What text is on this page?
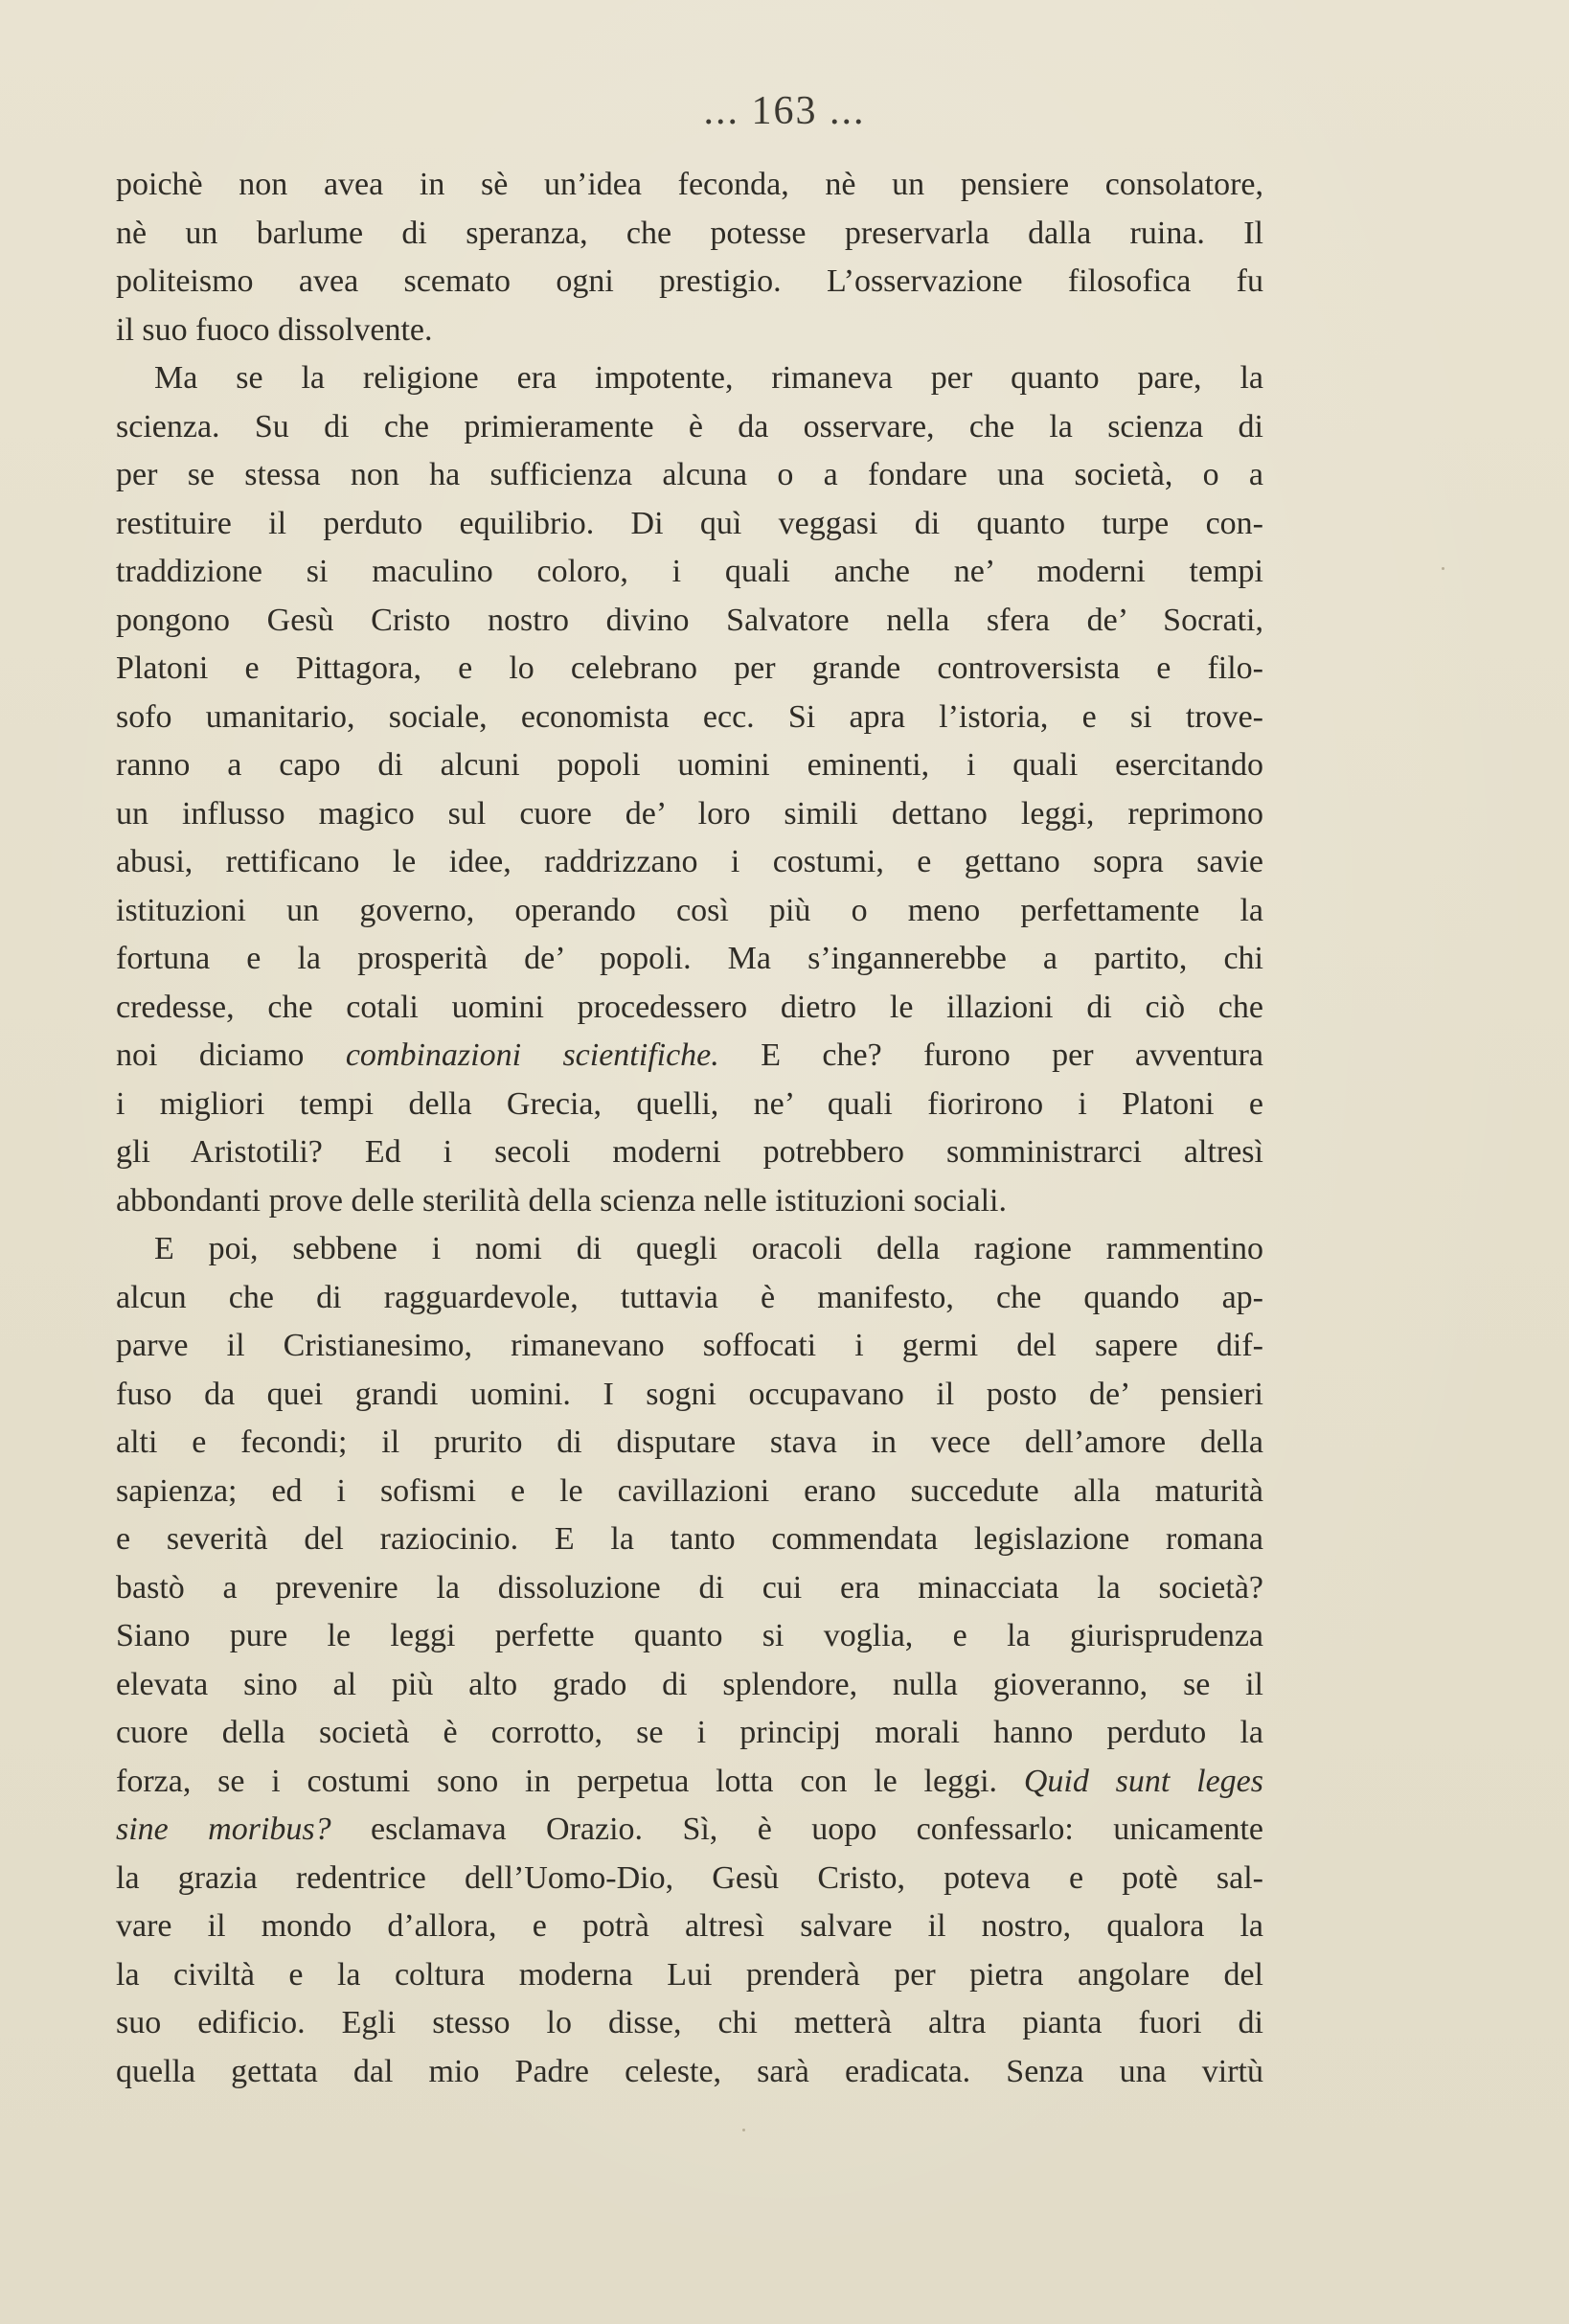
... 163 ...
poichè non avea in sè un’idea feconda, nè un pensiere consolatore,
nè un barlume di speranza, che potesse preservarla dalla ruina. Il
politeismo avea scemato ogni prestigio. L’osservazione filosofica fu
il suo fuoco dissolvente.
Ma se la religione era impotente, rimaneva per quanto pare, la
scienza. Su di che primieramente è da osservare, che la scienza di
per se stessa non ha sufficienza alcuna o a fondare una società, o a
restituire il perduto equilibrio. Di quì veggasi di quanto turpe con-
traddizione si maculino coloro, i quali anche ne’ moderni tempi
pongono Gesù Cristo nostro divino Salvatore nella sfera de’ Socrati,
Platoni e Pittagora, e lo celebrano per grande controversista e filo-
sofo umanitario, sociale, economista ecc. Si apra l’istoria, e si trove-
ranno a capo di alcuni popoli uomini eminenti, i quali esercitando
un influsso magico sul cuore de’ loro simili dettano leggi, reprimono
abusi, rettificano le idee, raddrizzano i costumi, e gettano sopra savie
istituzioni un governo, operando così più o meno perfettamente la
fortuna e la prosperità de’ popoli. Ma s’ingannerebbe a partito, chi
credesse, che cotali uomini procedessero dietro le illazioni di ciò che
noi diciamo combinazioni scientifiche. E che? furono per avventura
i migliori tempi della Grecia, quelli, ne’ quali fiorirono i Platoni e
gli Aristotili? Ed i secoli moderni potrebbero somministrarci altresì
abbondanti prove delle sterilità della scienza nelle istituzioni sociali.
E poi, sebbene i nomi di quegli oracoli della ragione rammentino
alcun che di ragguardevole, tuttavia è manifesto, che quando ap-
parve il Cristianesimo, rimanevano soffocati i germi del sapere dif-
fuso da quei grandi uomini. I sogni occupavano il posto de’ pensieri
alti e fecondi; il prurito di disputare stava in vece dell’amore della
sapienza; ed i sofismi e le cavillazioni erano succedute alla maturità
e severità del raziocinio. E la tanto commendata legislazione romana
bastò a prevenire la dissoluzione di cui era minacciata la società?
Siano pure le leggi perfette quanto si voglia, e la giurisprudenza
elevata sino al più alto grado di splendore, nulla gioveranno, se il
cuore della società è corrotto, se i principj morali hanno perduto la
forza, se i costumi sono in perpetua lotta con le leggi. Quid sunt leges
sine moribus? esclamava Orazio. Sì, è uopo confessarlo: unicamente
la grazia redentrice dell’Uomo-Dio, Gesù Cristo, poteva e potè sal-
vare il mondo d’allora, e potrà altresì salvare il nostro, qualora la
la civiltà e la coltura moderna Lui prenderà per pietra angolare del
suo edificio. Egli stesso lo disse, chi metterà altra pianta fuori di
quella gettata dal mio Padre celeste, sarà eradicata. Senza una virtù
